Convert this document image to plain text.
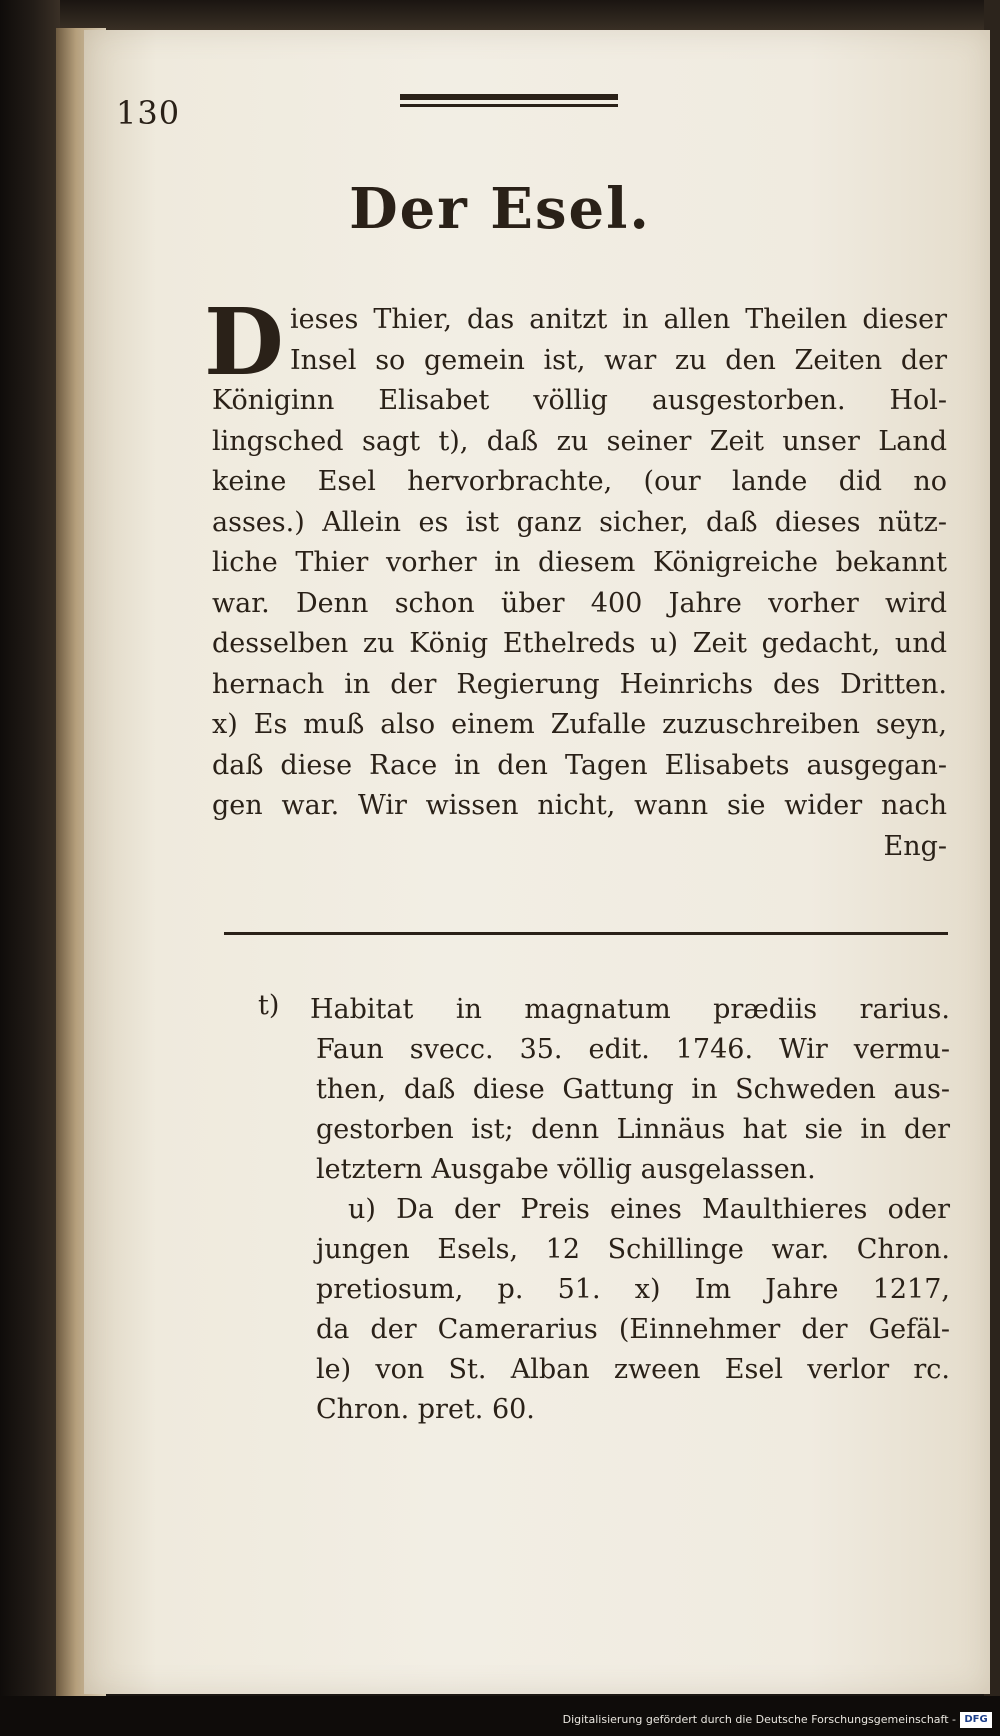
130
Der Esel.
D ieses Thier, das anitzt in allen Theilen dieser
Insel so gemein ist, war zu den Zeiten der
Königinn Elisabet völlig ausgestorben. Hol-
lingsched sagt t), daß zu seiner Zeit unser Land
keine Esel hervorbrachte, (our lande did no
asses.) Allein es ist ganz sicher, daß dieses nütz-
liche Thier vorher in diesem Königreiche bekannt
war. Denn schon über 400 Jahre vorher wird
desselben zu König Ethelreds u) Zeit gedacht, und
hernach in der Regierung Heinrichs des Dritten.
x) Es muß also einem Zufalle zuzuschreiben seyn,
daß diese Race in den Tagen Elisabets ausgegan-
gen war. Wir wissen nicht, wann sie wider nach
Eng-
t)	Habitat in magnatum prædiis rarius.
Faun svecc. 35. edit. 1746. Wir vermu-
then, daß diese Gattung in Schweden aus-
gestorben ist; denn Linnäus hat sie in der
letztern Ausgabe völlig ausgelassen.
u) Da der Preis eines Maulthieres oder
jungen Esels, 12 Schillinge war. Chron.
pretiosum, p. 51. x) Im Jahre 1217,
da der Camerarius (Einnehmer der Gefäl-
le) von St. Alban zween Esel verlor rc.
Chron. pret. 60.
Digitalisierung gefördert durch die Deutsche Forschungsgemeinschaft - DFG
